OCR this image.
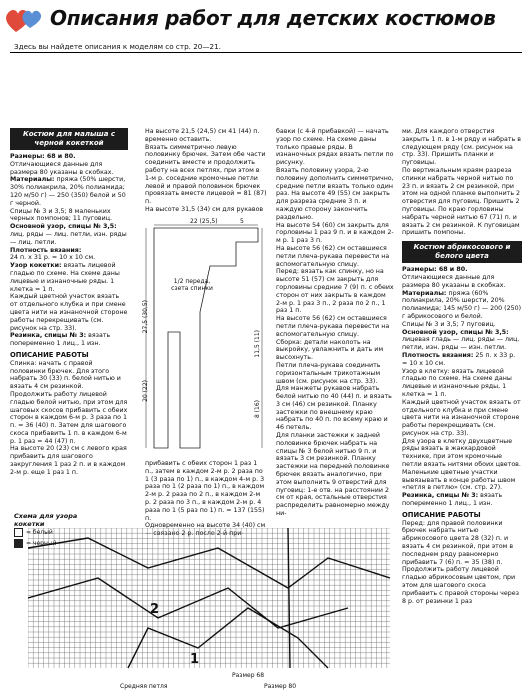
Описания работ для детских костюмов
Здесь вы найдете описания к моделям со стр. 20—21.
Костюм для малыша с черной кокеткой

Размеры: 68 и 80.

Отличающиеся данные для размера 80 указаны в скобках.

Материалы: пряжа (50% шерсти, 30% полиакрила, 20% полиамида; 120 м/50 г) — 250 (350) белой и 50 г черной.

Спицы № 3 и 3,5; 8 маленьких черных помпонов; 11 пуговиц.

Основной узор, спицы № 3,5: лиц. ряды — лиц. петли, изн. ряды — лиц. петли.

Плотность вязания:

24 п. х 31 р. = 10 х 10 см.

Узор кокетки: вязать лицевой гладью по схеме. На схеме даны лицевые и изнаночные ряды. 1 клетка = 1 п.

Каждый цветной участок вязать от отдельного клубка и при смене цвета нити на изнаночной стороне работы перекрещивать (см. рисунок на стр. 33).

Резинка, спицы № 3: вязать попеременно 1 лиц., 1 изн.

ОПИСАНИЕ РАБОТЫ

Спинка: начать с правой половинки брючек. Для этого набрать 30 (33) п. белой нитью и вязать 4 см резинкой.

Продолжить работу лицевой гладью белой нитью, при этом для шаговых скосов прибавить с обеих сторон в каждом 6-м р. 3 раза по 1 п. = 36 (40) п. Затем для шагового скоса прибавить 1 п. в каждом 6-м р. 1 раз = 44 (47) п.

На высоте 20 (23) см с левого края прибавить для шагового закругления 1 раз 2 п. и в каждом 2-м р. еще 1 раз 1 п.

Схема для узора кокетки
= белый
= черный

На высоте 21,5 (24,5) см 41 (44) п. временно оставить.

Вязать симметрично левую половинку брючек. Затем обе части соединить вместе и продолжить работу на всех петлях, при этом в 1-м р. соседние кромочные петли левой и правой половинок брючек провязать вместе лицевой = 81 (87) п.

На высоте 31,5 (34) см для рукавов

22 (25,5)	5
1/2 переда, сзета спинки
27,5 (30,5)
20 (22)
11,5 (11)
8 (16)

прибавить с обеих сторон 1 раз 1 п., затем в каждом 2-м р. 2 раза по 1 (3 раза по 1) п., в каждом 4-м р. 3 раза по 1 (2 раза по 1) п., в каждом 2-м р. 2 раза по 2 п., в каждом 2-м р. 2 раза по 3 п., в каждом 2-м р. 4 раза по 1 (5 раз по 1) п. = 137 (155) п.

Одновременно на высоте 34 (40) см — связано 2 р. после 2-й при-

бавки (с 4-й прибавкой) — начать узор по схеме. На схеме даны только правые ряды. В изнаночных рядах вязать петли по рисунку.

Вязать половину узора, 2-ю половину дополнить симметрично, средние петли вязать только один раз. На высоте 49 (55) см закрыть для разреза средние 3 п. и каждую сторону закончить раздельно.

На высоте 54 (60) см закрыть для горловины 1 раз 9 п. и в каждом 2-м р. 1 раз 3 п.

На высоте 56 (62) см оставшиеся петли плеча-рукава перевести на вспомогательную спицу.

Перед: вязать как спинку, но на высоте 51 (57) см закрыть для горловины средние 7 (9) п. с обеих сторон от них закрыть в каждом 2-м р. 1 раз 3 п., 2 раза по 2 п., 1 раз 1 п.

На высоте 56 (62) см оставшиеся петли плеча-рукава перевести на вспомогательную спицу.

Сборка: детали наколоть на выкройку, увлажнить и дать им высохнуть.

Петли плеча-рукава соединить горизонтальным трикотажным швом (см. рисунок на стр. 33).

Для манжеты рукавов набрать белой нитью по 40 (44) п. и вязать 3 см (46) см резинкой. Планку застежки по внешнему краю набрать по 40 п. по всему краю и 46 петель.

Для планки застежки к задней половинке брючек набрать на спицы № 3 белой нитью 9 п. и вязать 3 см резинкой. Планку застежки на передней половинке брючек вязать аналогично, при этом выполнить 9 отверстий для пуговиц: 1-е отв. на расстоянии 2 см от края, остальные отверстия распределить равномерно между ни-

ми. Для каждого отверстия закрыть 1 п. в 1-м ряду и набрать в следующем ряду (см. рисунок на стр. 33). Пришить планки и пуговицы.

По вертикальным краям разреза спинки набрать черной нитью по 23 п. и вязать 2 см резинкой, при этом на одной планке выполнить 2 отверстия для пуговиц. Пришить 2 пуговицы. По краю горловины набрать черной нитью 67 (71) п. и вязать 2 см резинкой. К пуговицам пришить помпоны.

Костюм абрикосового и белого цвета

Размеры: 68 и 80.

Отличающиеся данные для размера 80 указаны в скобках.

Материалы: пряжа (60% полиакрила, 20% шерсти, 20% полиамида; 145 м/50 г) — 200 (250) г абрикосового и белой.

Спицы № 3 и 3,5; 7 пуговиц.

Основной узор, спицы № 3,5: лицевая гладь — лиц. ряды — лиц. петли, изн. ряды — изн. петли.

Плотность вязания: 25 п. х 33 р. = 10 х 10 см.

Узор в клетку: вязать лицевой гладью по схеме. На схеме даны лицевые и изнаночные ряды, 1 клетка = 1 п.

Каждый цветной участок вязать от отдельного клубка и при смене цвета нити на изнаночной стороне работы перекрещивать (см. рисунок на стр. 33).

Для узора в клетку двухцветные ряды вязать в жаккардовой технике, при этом кромочные петли вязать нитями обоих цветов. Маленькие цветные участки вывязывать в конце работы швом «петля в петлю» (см. стр. 27).

Резинка, спицы № 3: вязать попеременно 1 лиц., 1 изн.

ОПИСАНИЕ РАБОТЫ

Перед: для правой половинки брючек набрать нитью абрикосового цвета 28 (32) п. и вязать 4 см резинкой, при этом в последнем ряду равномерно прибавить 7 (6) п. = 35 (38) п.

Продолжить работу лицевой гладью абрикосовым цветом, при этом для шагового скоса прибавить с правой стороны через 8 р. от резинки 1 раз

2
1
Размер 68
Средняя петля	Размер 80
